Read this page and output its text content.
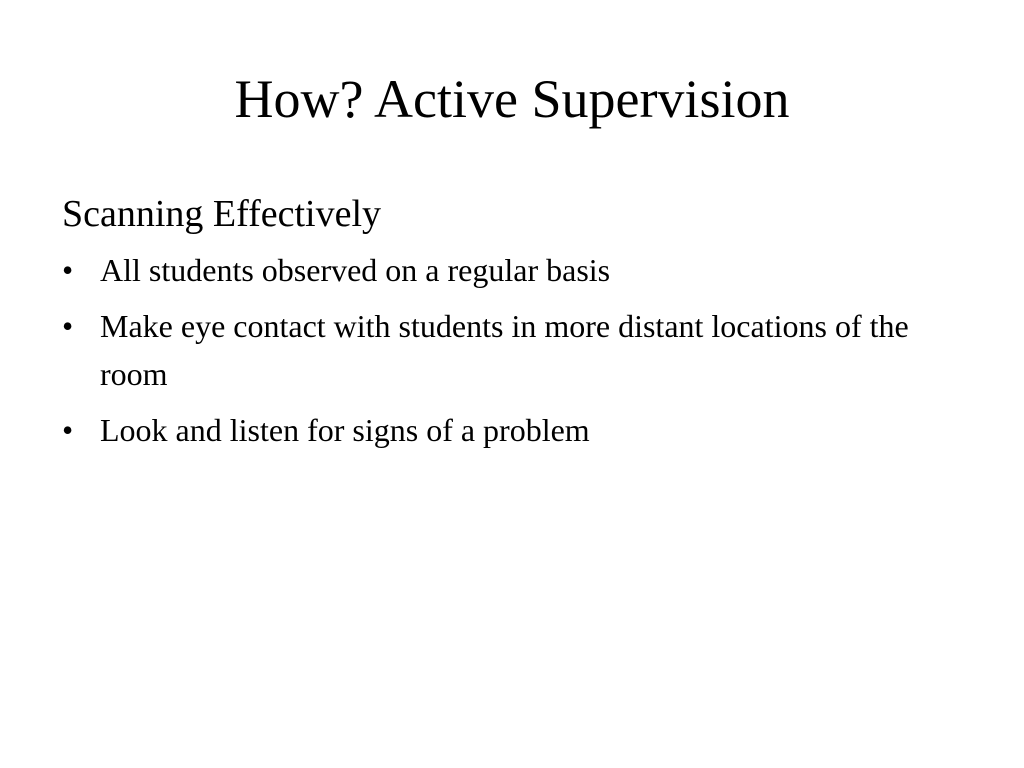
How? Active Supervision
Scanning Effectively
• All students observed on a regular basis
• Make eye contact with students in more distant locations of the room
• Look and listen for signs of a problem
